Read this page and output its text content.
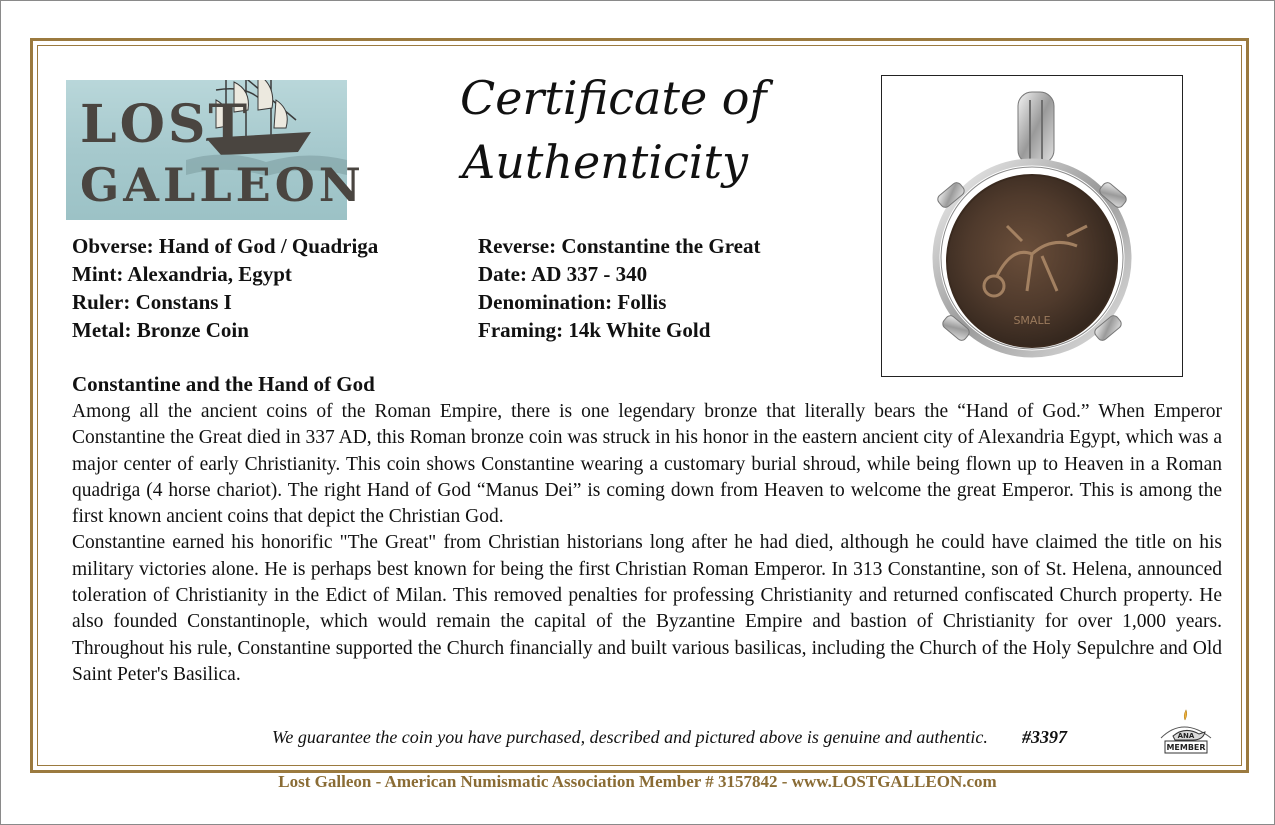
LOST
GALLEON
Certificate of
Authenticity
SMALE
Obverse: Hand of God / Quadriga
Mint: Alexandria, Egypt
Ruler: Constans I
Metal: Bronze Coin
Reverse: Constantine the Great
Date: AD 337 - 340
Denomination: Follis
Framing: 14k White Gold
Constantine and the Hand of God

Among all the ancient coins of the Roman Empire, there is one legendary bronze that literally bears the “Hand of God.” When Emperor Constantine the Great died in 337 AD, this Roman bronze coin was struck in his honor in the eastern ancient city of Alexandria Egypt, which was a major center of early Christianity. This coin shows Constantine wearing a customary burial shroud, while being flown up to Heaven in a Roman quadriga (4 horse chariot). The right Hand of God “Manus Dei” is coming down from Heaven to welcome the great Emperor. This is among the first known ancient coins that depict the Christian God.

Constantine earned his honorific "The Great" from Christian historians long after he had died, although he could have claimed the title on his military victories alone. He is perhaps best known for being the first Christian Roman Emperor. In 313 Constantine, son of St. Helena, announced toleration of Christianity in the Edict of Milan. This removed penalties for professing Christianity and returned confiscated Church property. He also founded Constantinople, which would remain the capital of the Byzantine Empire and bastion of Christianity for over 1,000 years. Throughout his rule, Constantine supported the Church financially and built various basilicas, including the Church of the Holy Sepulchre and Old Saint Peter's Basilica.

We guarantee the coin you have purchased, described and pictured above is genuine and authentic. #3397	ANA
MEMBER
Lost Galleon - American Numismatic Association Member # 3157842 - www.LOSTGALLEON.com
